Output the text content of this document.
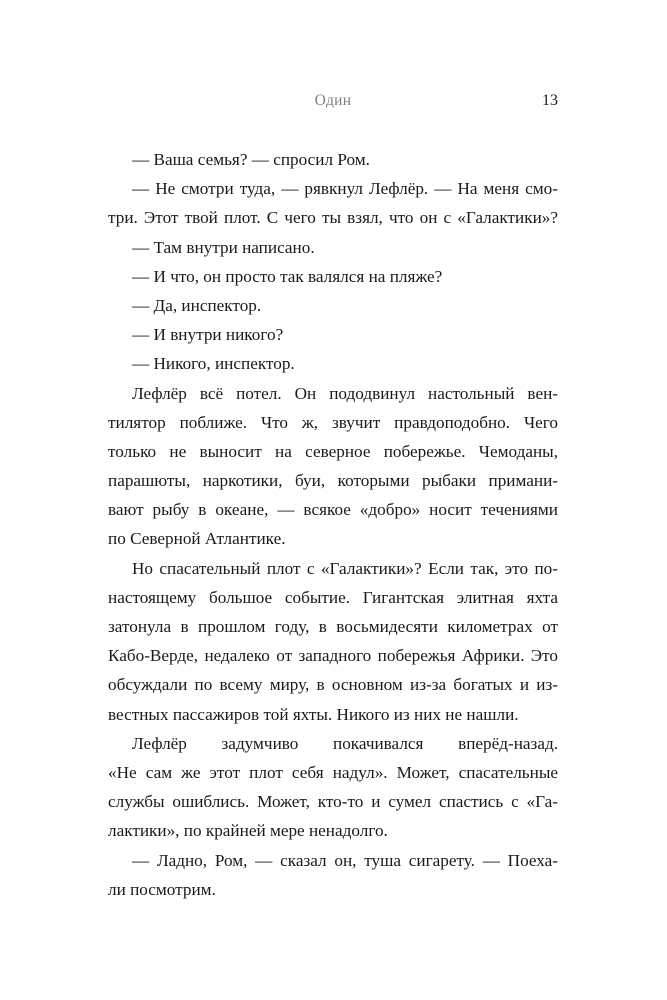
Один	13
— Ваша семья? — спросил Ром.
— Не смотри туда, — рявкнул Лефлёр. — На меня смо-
три. Этот твой плот. С чего ты взял, что он с «Галактики»?
— Там внутри написано.
— И что, он просто так валялся на пляже?
— Да, инспектор.
— И внутри никого?
— Никого, инспектор.
Лефлёр всё потел. Он пододвинул настольный вен-
тилятор поближе. Что ж, звучит правдоподобно. Чего
только не выносит на северное побережье. Чемоданы,
парашюты, наркотики, буи, которыми рыбаки примани-
вают рыбу в океане, — всякое «добро» носит течениями
по Северной Атлантике.
Но спасательный плот с «Галактики»? Если так, это по-
настоящему большое событие. Гигантская элитная яхта
затонула в прошлом году, в восьмидесяти километрах от
Кабо-Верде, недалеко от западного побережья Африки. Это
обсуждали по всему миру, в основном из-за богатых и из-
вестных пассажиров той яхты. Никого из них не нашли.
Лефлёр задумчиво покачивался вперёд-назад.
«Не сам же этот плот себя надул». Может, спасательные
службы ошиблись. Может, кто-то и сумел спастись с «Га-
лактики», по крайней мере ненадолго.
— Ладно, Ром, — сказал он, туша сигарету. — Поеха-
ли посмотрим.
